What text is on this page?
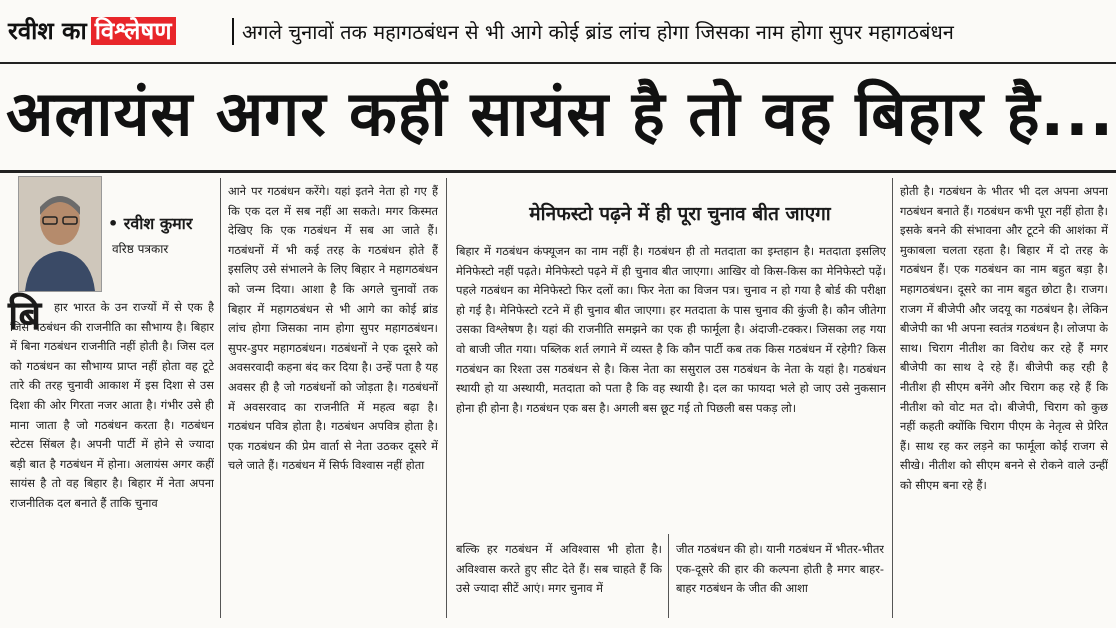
रवीश का विश्लेषण	अगले चुनावों तक महागठबंधन से भी आगे कोई ब्रांड लांच होगा जिसका नाम होगा सुपर महागठबंधन
अलायंस अगर कहीं सायंस है तो वह बिहार है...
• रवीश कुमार
वरिष्ठ पत्रकार
बि	हार भारत के उन राज्यों में से एक है जिसे गठबंधन की राजनीति का सौभाग्य है। बिहार में बिना गठबंधन राजनीति नहीं होती है। जिस दल को गठबंधन का सौभाग्य प्राप्त नहीं होता वह टूटे तारे की तरह चुनावी आकाश में इस दिशा से उस दिशा की ओर गिरता नजर आता है। गंभीर उसे ही माना जाता है जो गठबंधन करता है। गठबंधन स्टेटस सिंबल है। अपनी पार्टी में होने से ज्यादा बड़ी बात है गठबंधन में होना। अलायंस अगर कहीं सायंस है तो वह बिहार है। बिहार में नेता अपना राजनीतिक दल बनाते हैं ताकि चुनाव
आने पर गठबंधन करेंगे। यहां इतने नेता हो गए हैं कि एक दल में सब नहीं आ सकते। मगर किस्मत देखिए कि एक गठबंधन में सब आ जाते हैं। गठबंधनों में भी कई तरह के गठबंधन होते हैं इसलिए उसे संभालने के लिए बिहार ने महागठबंधन को जन्म दिया। आशा है कि अगले चुनावों तक बिहार में महागठबंधन से भी आगे का कोई ब्रांड लांच होगा जिसका नाम होगा सुपर महागठबंधन। सुपर-डुपर महागठबंधन। गठबंधनों ने एक दूसरे को अवसरवादी कहना बंद कर दिया है। उन्हें पता है यह अवसर ही है जो गठबंधनों को जोड़ता है। गठबंधनों में अवसरवाद का राजनीति में महत्व बढ़ा है। गठबंधन पवित्र होता है। गठबंधन अपवित्र होता है। एक गठबंधन की प्रेम वार्ता से नेता उठकर दूसरे में चले जाते हैं। गठबंधन में सिर्फ विश्वास नहीं होता
मेनिफस्टो पढ़ने में ही पूरा चुनाव बीत जाएगा
बिहार में गठबंधन कंफ्यूजन का नाम नहीं है। गठबंधन ही तो मतदाता का इम्तहान है। मतदाता इसलिए मेनिफेस्टो नहीं पढ़ते। मेनिफेस्टो पढ़ने में ही चुनाव बीत जाएगा। आखिर वो किस-किस का मेनिफेस्टो पढ़ें। पहले गठबंधन का मेनिफेस्टो फिर दलों का। फिर नेता का विजन पत्र। चुनाव न हो गया है बोर्ड की परीक्षा हो गई है। मेनिफेस्टो रटने में ही चुनाव बीत जाएगा। हर मतदाता के पास चुनाव की कुंजी है। कौन जीतेगा उसका विश्लेषण है। यहां की राजनीति समझने का एक ही फार्मूला है। अंदाजी-टक्कर। जिसका लह गया वो बाजी जीत गया। पब्लिक शर्त लगाने में व्यस्त है कि कौन पार्टी कब तक किस गठबंधन में रहेगी? किस गठबंधन का रिश्ता उस गठबंधन से है। किस नेता का ससुराल उस गठबंधन के नेता के यहां है। गठबंधन स्थायी हो या अस्थायी, मतदाता को पता है कि वह स्थायी है। दल का फायदा भले हो जाए उसे नुकसान होना ही होना है। गठबंधन एक बस है। अगली बस छूट गई तो पिछली बस पकड़ लो।
बल्कि हर गठबंधन में अविश्वास भी होता है। अविश्वास करते हुए सीट देते हैं। सब चाहते हैं कि उसे ज्यादा सीटें आएं। मगर चुनाव में
जीत गठबंधन की हो। यानी गठबंधन में भीतर-भीतर एक-दूसरे की हार की कल्पना होती है मगर बाहर-बाहर गठबंधन के जीत की आशा
होती है। गठबंधन के भीतर भी दल अपना अपना गठबंधन बनाते हैं। गठबंधन कभी पूरा नहीं होता है। इसके बनने की संभावना और टूटने की आशंका में मुकाबला चलता रहता है। बिहार में दो तरह के गठबंधन हैं। एक गठबंधन का नाम बहुत बड़ा है। महागठबंधन। दूसरे का नाम बहुत छोटा है। राजग। राजग में बीजेपी और जदयू का गठबंधन है। लेकिन बीजेपी का भी अपना स्वतंत्र गठबंधन है। लोजपा के साथ। चिराग नीतीश का विरोध कर रहे हैं मगर बीजेपी का साथ दे रहे हैं। बीजेपी कह रही है नीतीश ही सीएम बनेंगे और चिराग कह रहे हैं कि नीतीश को वोट मत दो। बीजेपी, चिराग को कुछ नहीं कहती क्योंकि चिराग पीएम के नेतृत्व से प्रेरित हैं। साथ रह कर लड़ने का फार्मूला कोई राजग से सीखे। नीतीश को सीएम बनने से रोकने वाले उन्हीं को सीएम बना रहे हैं।
